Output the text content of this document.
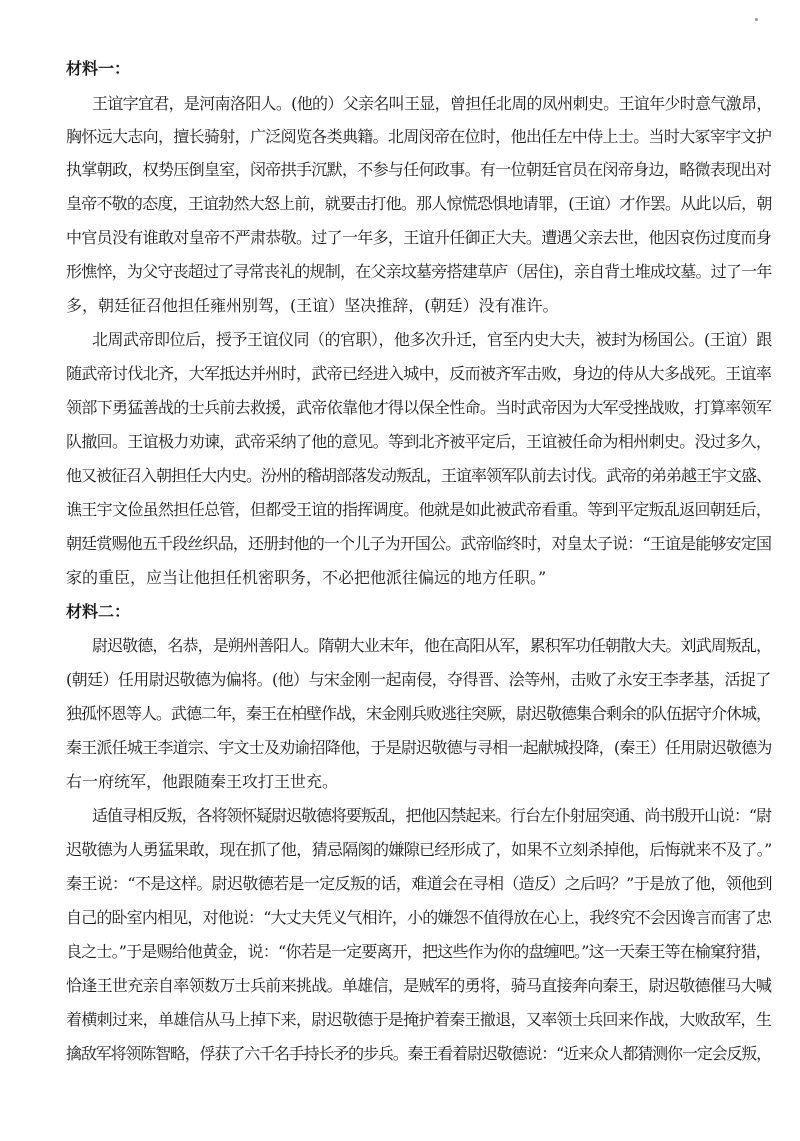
材料一：
王谊字宜君，是河南洛阳人。(他的）父亲名叫王显，曾担任北周的凤州刺史。王谊年少时意气激昂，
胸怀远大志向，擅长骑射，广泛阅览各类典籍。北周闵帝在位时，他出任左中侍上士。当时大冢宰宇文护
执掌朝政，权势压倒皇室，闵帝拱手沉默，不参与任何政事。有一位朝廷官员在闵帝身边，略微表现出对
皇帝不敬的态度，王谊勃然大怒上前，就要击打他。那人惊慌恐惧地请罪，(王谊）才作罢。从此以后，朝
中官员没有谁敢对皇帝不严肃恭敬。过了一年多，王谊升任御正大夫。遭遇父亲去世，他因哀伤过度而身
形憔悴，为父守丧超过了寻常丧礼的规制，在父亲坟墓旁搭建草庐（居住)，亲自背土堆成坟墓。过了一年
多，朝廷征召他担任雍州别驾，(王谊）坚决推辞，(朝廷）没有准许。
北周武帝即位后，授予王谊仪同（的官职），他多次升迁，官至内史大夫，被封为杨国公。(王谊）跟
随武帝讨伐北齐，大军抵达并州时，武帝已经进入城中，反而被齐军击败，身边的侍从大多战死。王谊率
领部下勇猛善战的士兵前去救援，武帝依靠他才得以保全性命。当时武帝因为大军受挫战败，打算率领军
队撤回。王谊极力劝谏，武帝采纳了他的意见。等到北齐被平定后，王谊被任命为相州刺史。没过多久，
他又被征召入朝担任大内史。汾州的稽胡部落发动叛乱，王谊率领军队前去讨伐。武帝的弟弟越王宇文盛、
谯王宇文俭虽然担任总管，但都受王谊的指挥调度。他就是如此被武帝看重。等到平定叛乱返回朝廷后，
朝廷赏赐他五千段丝织品，还册封他的一个儿子为开国公。武帝临终时，对皇太子说：“王谊是能够安定国
家的重臣，应当让他担任机密职务，不必把他派往偏远的地方任职。”
材料二：
尉迟敬德，名恭，是朔州善阳人。隋朝大业末年，他在高阳从军，累积军功任朝散大夫。刘武周叛乱，
(朝廷）任用尉迟敬德为偏将。(他）与宋金刚一起南侵，夺得晋、浍等州，击败了永安王李孝基，活捉了
独孤怀恩等人。武德二年，秦王在柏壁作战，宋金刚兵败逃往突厥，尉迟敬德集合剩余的队伍据守介休城，
秦王派任城王李道宗、宇文士及劝谕招降他，于是尉迟敬德与寻相一起献城投降，(秦王）任用尉迟敬德为
右一府统军，他跟随秦王攻打王世充。
适值寻相反叛，各将领怀疑尉迟敬德将要叛乱，把他囚禁起来。行台左仆射屈突通、尚书殷开山说：“尉
迟敬德为人勇猛果敢，现在抓了他，猜忌隔阂的嫌隙已经形成了，如果不立刻杀掉他，后悔就来不及了。”
秦王说：“不是这样。尉迟敬德若是一定反叛的话，难道会在寻相（造反）之后吗？”于是放了他，领他到
自己的卧室内相见，对他说：“大丈夫凭义气相许，小的嫌怨不值得放在心上，我终究不会因谗言而害了忠
良之士。”于是赐给他黄金，说：“你若是一定要离开，把这些作为你的盘缠吧。”这一天秦王等在榆窠狩猎，
恰逢王世充亲自率领数万士兵前来挑战。单雄信，是贼军的勇将，骑马直接奔向秦王，尉迟敬德催马大喊
着横刺过来，单雄信从马上掉下来，尉迟敬德于是掩护着秦王撤退，又率领士兵回来作战，大败敌军，生
擒敌军将领陈智略，俘获了六千名手持长矛的步兵。秦王看着尉迟敬德说：“近来众人都猜测你一定会反叛，
